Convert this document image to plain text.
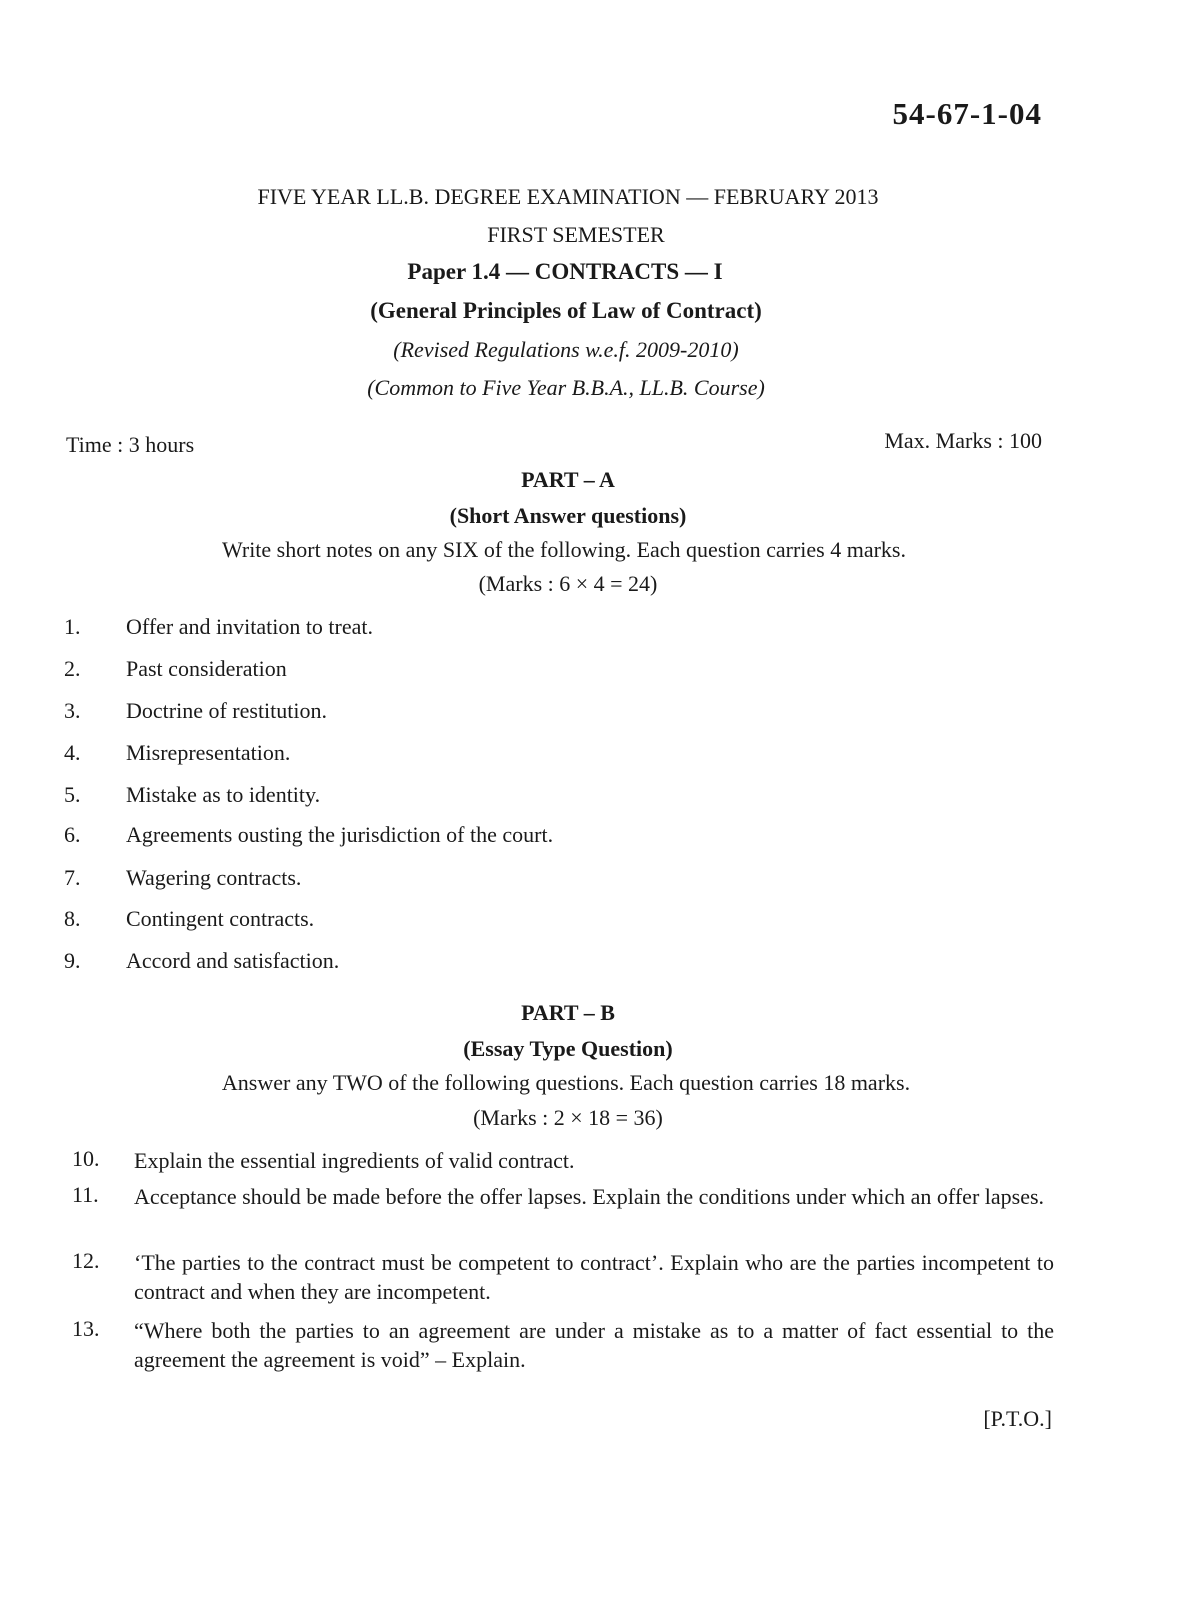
54-67-1-04
FIVE YEAR LL.B. DEGREE EXAMINATION — FEBRUARY 2013
FIRST SEMESTER
Paper 1.4 — CONTRACTS — I
(General Principles of Law of Contract)
(Revised Regulations w.e.f. 2009-2010)
(Common to Five Year B.B.A., LL.B. Course)
Time : 3 hours	Max. Marks : 100
PART – A
(Short Answer questions)
Write short notes on any SIX of the following. Each question carries 4 marks.
(Marks : 6 × 4 = 24)
1.	Offer and invitation to treat.
2.	Past consideration
3.	Doctrine of restitution.
4.	Misrepresentation.
5.	Mistake as to identity.
6.	Agreements ousting the jurisdiction of the court.
7.	Wagering contracts.
8.	Contingent contracts.
9.	Accord and satisfaction.
PART – B
(Essay Type Question)
Answer any TWO of the following questions. Each question carries 18 marks.
(Marks : 2 × 18 = 36)
10.	Explain the essential ingredients of valid contract.
11.	Acceptance should be made before the offer lapses. Explain the conditions under which an offer lapses.
12.	‘The parties to the contract must be competent to contract’. Explain who are the parties incompetent to contract and when they are incompetent.
13.	“Where both the parties to an agreement are under a mistake as to a matter of fact essential to the agreement the agreement is void” – Explain.
[P.T.O.]
